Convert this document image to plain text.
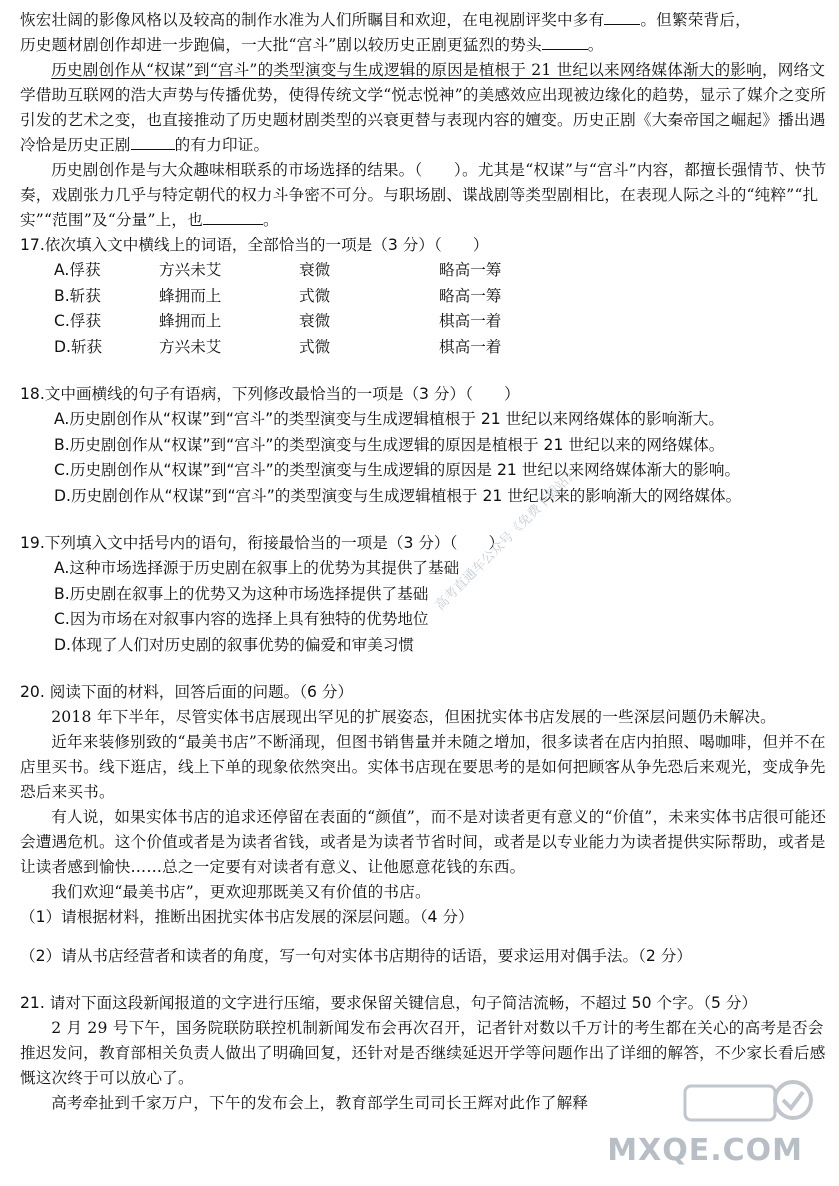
恢宏壮阔的影像风格以及较高的制作水准为人们所瞩目和欢迎，在电视剧评奖中多有 。但繁荣背后，

历史题材剧创作却进一步跑偏，一大批“宫斗”剧以较历史正剧更猛烈的势头	。

历史剧创作从“权谋”到“宫斗”的类型演变与生成逻辑的原因是植根于 21 世纪以来网络媒体渐大的影响，网络文学借助互联网的浩大声势与传播优势，使得传统文学“悦志悦神”的美感效应出现被边缘化的趋势，显示了媒介之变所引发的艺术之变，也直接推动了历史题材剧类型的兴衰更替与表现内容的嬗变。历史正剧《大秦帝国之崛起》播出遇冷恰是历史正剧	的有力印证。

历史剧创作是与大众趣味相联系的市场选择的结果。（　　）。尤其是“权谋”与“宫斗”内容，都擅长强情节、快节奏，戏剧张力几乎与特定朝代的权力斗争密不可分。与职场剧、谍战剧等类型剧相比，在表现人际之斗的“纯粹”“扎实”“范围”及“分量”上，也	。

17.依次填入文中横线上的词语，全部恰当的一项是（3 分）（　　）

A.俘获	方兴未艾	衰微	略高一筹
B.斩获	蜂拥而上	式微	略高一筹
C.俘获	蜂拥而上	衰微	棋高一着
D.斩获	方兴未艾	式微	棋高一着

18.文中画横线的句子有语病，下列修改最恰当的一项是（3 分）（　　）

A.历史剧创作从“权谋”到“宫斗”的类型演变与生成逻辑植根于 21 世纪以来网络媒体的影响渐大。

B.历史剧创作从“权谋”到“宫斗”的类型演变与生成逻辑的原因是植根于 21 世纪以来的网络媒体。

C.历史剧创作从“权谋”到“宫斗”的类型演变与生成逻辑的原因是 21 世纪以来网络媒体渐大的影响。

D.历史剧创作从“权谋”到“宫斗”的类型演变与生成逻辑植根于 21 世纪以来的影响渐大的网络媒体。

19.下列填入文中括号内的语句，衔接最恰当的一项是（3 分）（　　）

A.这种市场选择源于历史剧在叙事上的优势为其提供了基础

B.历史剧在叙事上的优势又为这种市场选择提供了基础

C.因为市场在对叙事内容的选择上具有独特的优势地位

D.体现了人们对历史剧的叙事优势的偏爱和审美习惯

20. 阅读下面的材料，回答后面的问题。（6 分）

2018 年下半年，尽管实体书店展现出罕见的扩展姿态，但困扰实体书店发展的一些深层问题仍未解决。

近年来装修别致的“最美书店”不断涌现，但图书销售量并未随之增加，很多读者在店内拍照、喝咖啡，但并不在店里买书。线下逛店，线上下单的现象依然突出。实体书店现在要思考的是如何把顾客从争先恐后来观光，变成争先恐后来买书。

有人说，如果实体书店的追求还停留在表面的“颜值”，而不是对读者更有意义的“价值”，未来实体书店很可能还会遭遇危机。这个价值或者是为读者省钱，或者是为读者节省时间，或者是以专业能力为读者提供实际帮助，或者是让读者感到愉快……总之一定要有对读者有意义、让他愿意花钱的东西。

我们欢迎“最美书店”，更欢迎那既美又有价值的书店。

（1）请根据材料，推断出困扰实体书店发展的深层问题。（4 分）

（2）请从书店经营者和读者的角度，写一句对实体书店期待的话语，要求运用对偶手法。（2 分）

21. 请对下面这段新闻报道的文字进行压缩，要求保留关键信息，句子简洁流畅，不超过 50 个字。（5 分）

2 月 29 号下午，国务院联防联控机制新闻发布会再次召开，记者针对数以千万计的考生都在关心的高考是否会推迟发问，教育部相关负责人做出了明确回复，还针对是否继续延迟开学等问题作出了详细的解答，不少家长看后感慨这次终于可以放心了。

高考牵扯到千家万户，下午的发布会上，教育部学生司司长王辉对此作了解释

高考直通车公众号《免费下载站》
MXQE.COM
